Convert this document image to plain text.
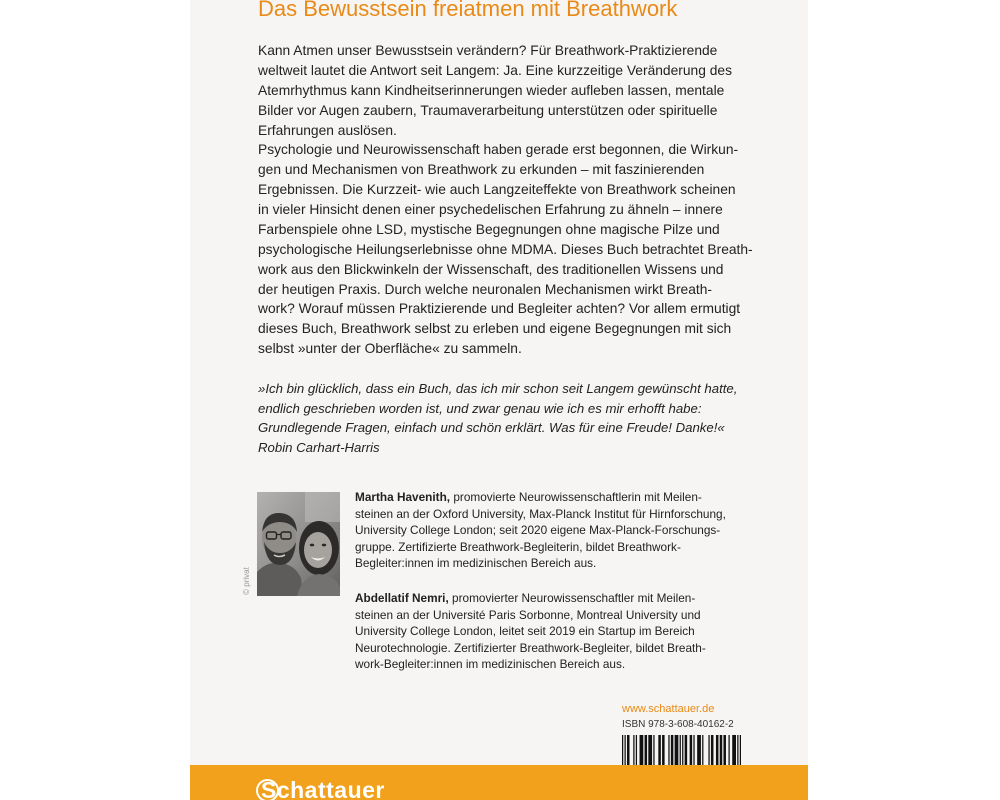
Das Bewusstsein freiatmen mit Breathwork
Kann Atmen unser Bewusstsein verändern? Für Breathwork-Praktizierende
weltweit lautet die Antwort seit Langem: Ja. Eine kurzzeitige Veränderung des
Atemrhythmus kann Kindheitserinnerungen wieder aufleben lassen, mentale
Bilder vor Augen zaubern, Traumaverarbeitung unterstützen oder spirituelle
Erfahrungen auslösen.
Psychologie und Neurowissenschaft haben gerade erst begonnen, die Wirkun-
gen und Mechanismen von Breathwork zu erkunden – mit faszinierenden
Ergebnissen. Die Kurzzeit- wie auch Langzeiteffekte von Breathwork scheinen
in vieler Hinsicht denen einer psychedelischen Erfahrung zu ähneln – innere
Farbenspiele ohne LSD, mystische Begegnungen ohne magische Pilze und
psychologische Heilungserlebnisse ohne MDMA. Dieses Buch betrachtet Breath-
work aus den Blickwinkeln der Wissenschaft, des traditionellen Wissens und
der heutigen Praxis. Durch welche neuronalen Mechanismen wirkt Breath-
work? Worauf müssen Praktizierende und Begleiter achten? Vor allem ermutigt
dieses Buch, Breathwork selbst zu erleben und eigene Begegnungen mit sich
selbst »unter der Oberfläche« zu sammeln.
»Ich bin glücklich, dass ein Buch, das ich mir schon seit Langem gewünscht hatte,
endlich geschrieben worden ist, und zwar genau wie ich es mir erhofft habe:
Grundlegende Fragen, einfach und schön erklärt. Was für eine Freude! Danke!«
Robin Carhart-Harris
© privat
Martha Havenith, promovierte Neurowissenschaftlerin mit Meilen-
steinen an der Oxford University, Max-Planck Institut für Hirnforschung,
University College London; seit 2020 eigene Max-Planck-Forschungs-
gruppe. Zertifizierte Breathwork-Begleiterin, bildet Breathwork-
Begleiter:innen im medizinischen Bereich aus.
Abdellatif Nemri, promovierter Neurowissenschaftler mit Meilen-
steinen an der Université Paris Sorbonne, Montreal University und
University College London, leitet seit 2019 ein Startup im Bereich
Neurotechnologie. Zertifizierter Breathwork-Begleiter, bildet Breath-
work-Begleiter:innen im medizinischen Bereich aus.
www.schattauer.de
ISBN 978-3-608-40162-2
Schattauer
